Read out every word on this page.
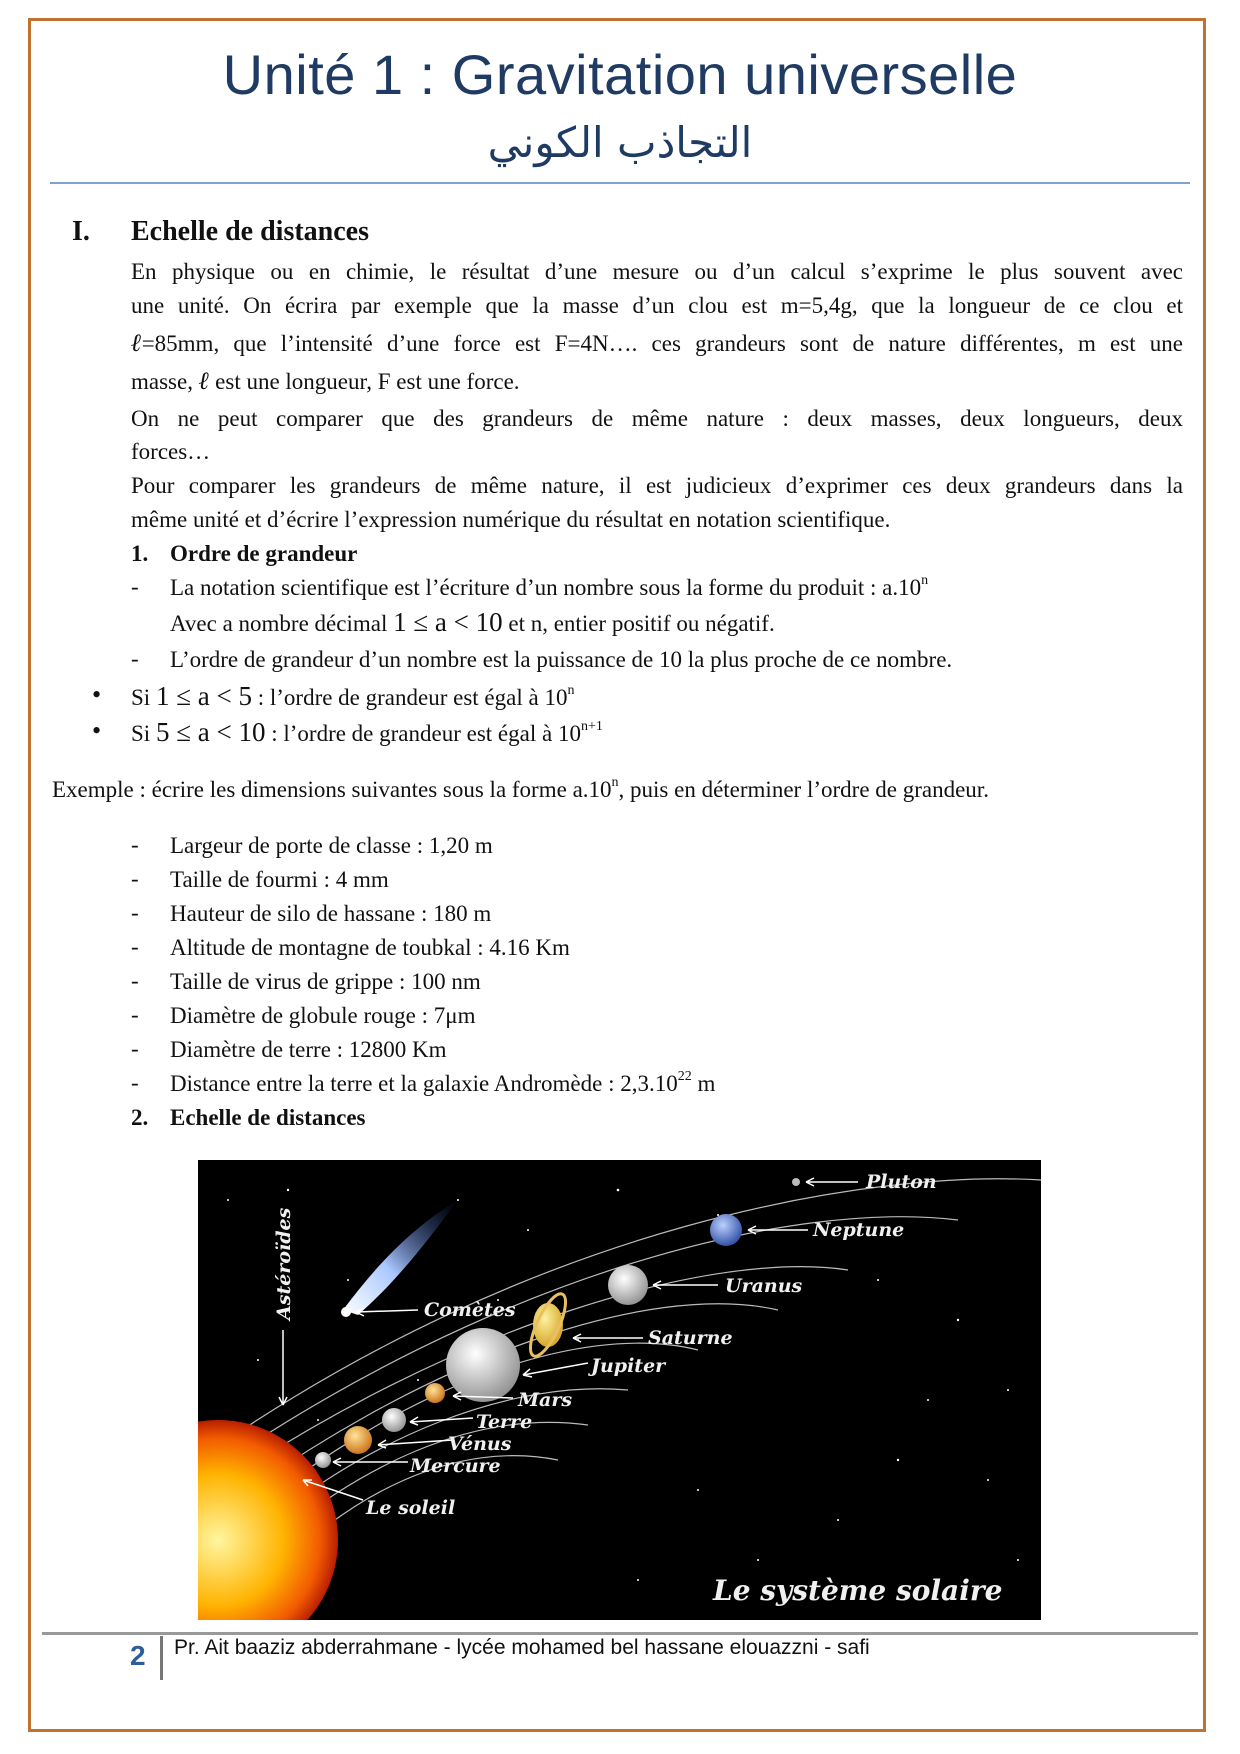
Unité 1 : Gravitation universelle
التجاذب الكوني
I. Echelle de distances
En physique ou en chimie, le résultat d’une mesure ou d’un calcul s’exprime le plus souvent avec
une unité. On écrira par exemple que la masse d’un clou est m=5,4g, que la longueur de ce clou et
ℓ =85mm, que l’intensité d’une force est F=4N…. ces grandeurs sont de nature différentes, m est une
masse, ℓ est une longueur, F est une force.
On ne peut comparer que des grandeurs de même nature : deux masses, deux longueurs, deux
forces…
Pour comparer les grandeurs de même nature, il est judicieux d’exprimer ces deux grandeurs dans la
même unité et d’écrire l’expression numérique du résultat en notation scientifique.
1. Ordre de grandeur
- La notation scientifique est l’écriture d’un nombre sous la forme du produit : a.10$^n$
Avec a nombre décimal 1 ≤ a < 10 et n, entier positif ou négatif.
- L’ordre de grandeur d’un nombre est la puissance de 10 la plus proche de ce nombre.
• Si 1 ≤ a < 5 : l’ordre de grandeur est égal à 10$^n$
• Si 5 ≤ a < 10 : l’ordre de grandeur est égal à $10^{n+1}$
Exemple : écrire les dimensions suivantes sous la forme a.10$^n$, puis en déterminer l’ordre de grandeur.
- Largeur de porte de classe : 1,20 m
- Taille de fourmi : 4 mm
- Hauteur de silo de hassane : 180 m
- Altitude de montagne de toubkal : 4.16 Km
- Taille de virus de grippe : 100 nm
- Diamètre de globule rouge : 7μm
- Diamètre de terre : 12800 Km
- Distance entre la terre et la galaxie Andromède : 2,3.10$^{22}$ m
2. Echelle de distances
Pluton
Neptune
Uranus
Saturne
Jupiter
Mars
Terre
Vénus
Mercure
Le soleil
Comètes
Astéroïdes
Le système solaire
2 Pr. Ait baaziz abderrahmane - lycée mohamed bel hassane elouazzni - safi
